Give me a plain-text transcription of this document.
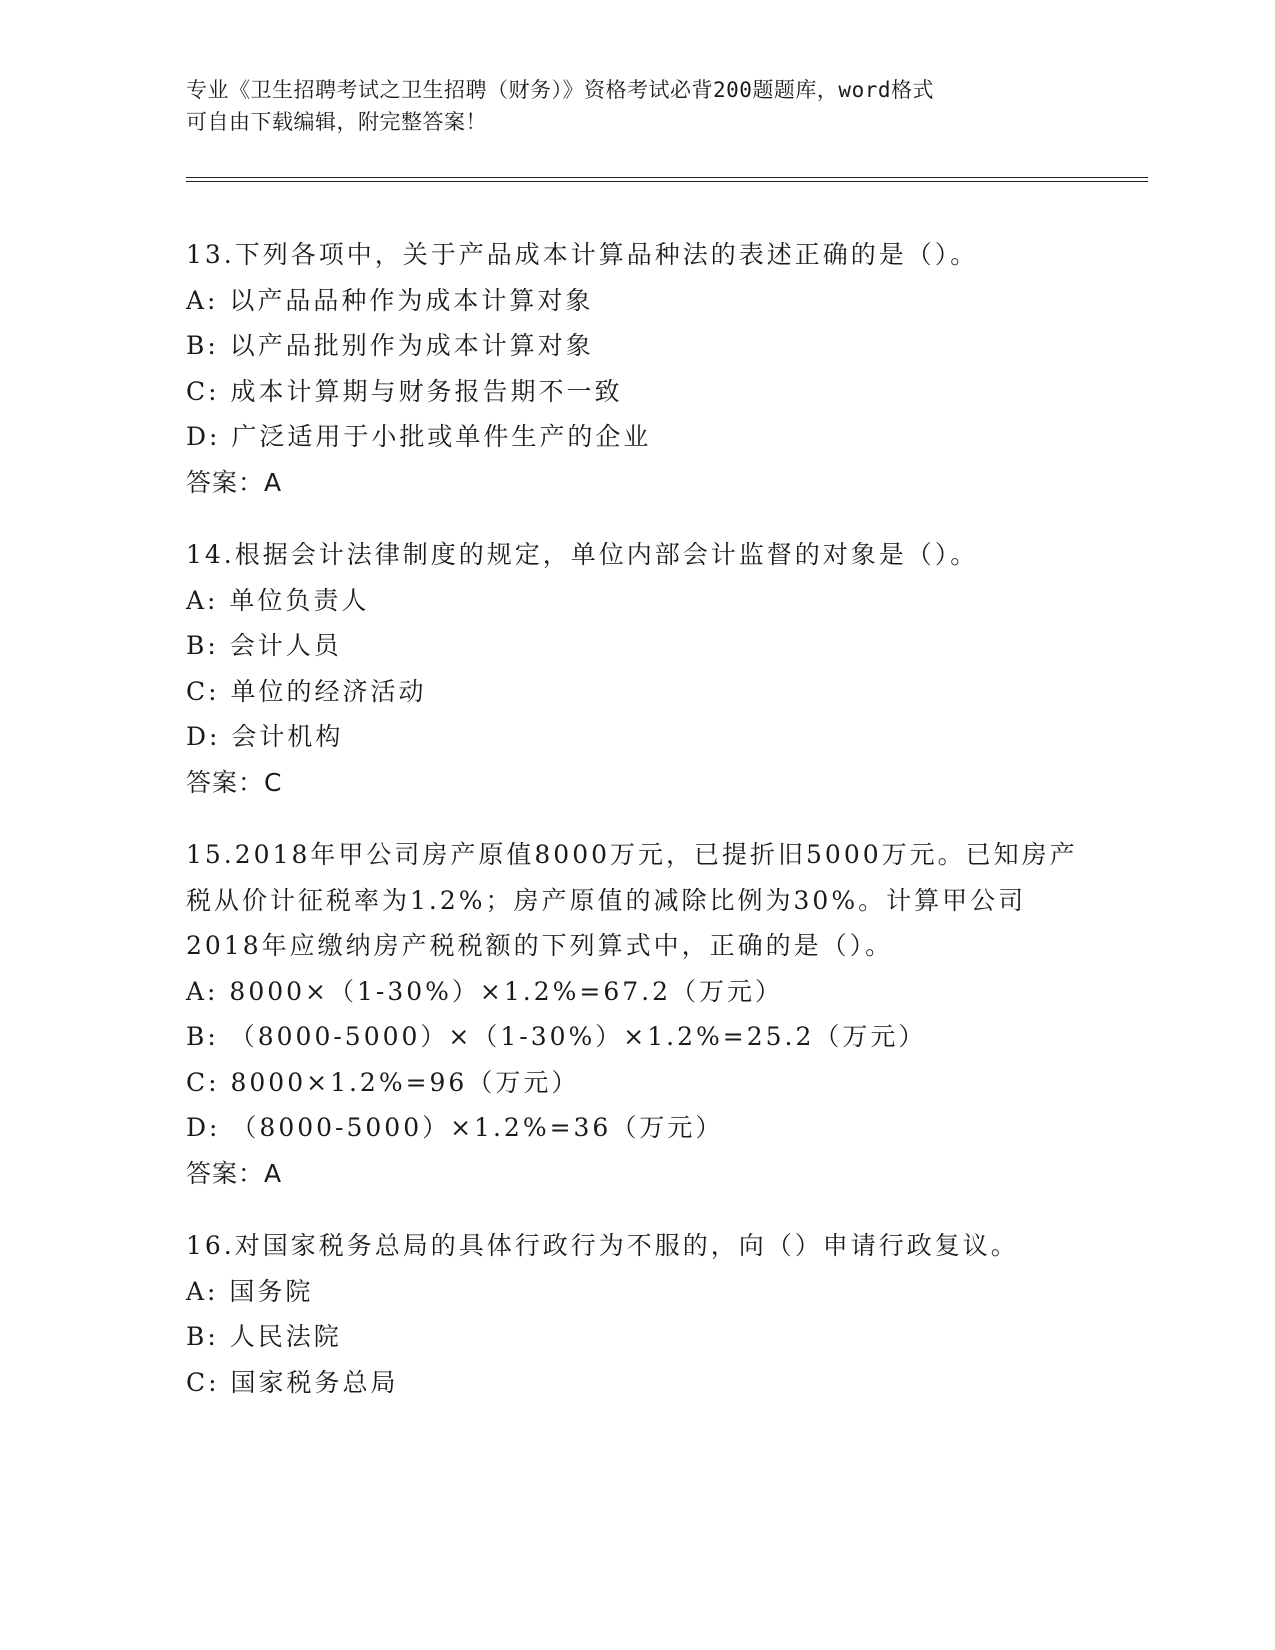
专业《卫生招聘考试之卫生招聘（财务）》资格考试必背200题题库，word格式
可自由下载编辑，附完整答案！
13.下列各项中，关于产品成本计算品种法的表述正确的是（）。
A: 以产品品种作为成本计算对象
B: 以产品批别作为成本计算对象
C: 成本计算期与财务报告期不一致
D: 广泛适用于小批或单件生产的企业
答案：A
14.根据会计法律制度的规定，单位内部会计监督的对象是（）。
A: 单位负责人
B: 会计人员
C: 单位的经济活动
D: 会计机构
答案：C
15.2018年甲公司房产原值8000万元，已提折旧5000万元。已知房产
税从价计征税率为1.2%；房产原值的减除比例为30%。计算甲公司
2018年应缴纳房产税税额的下列算式中，正确的是（）。
A: 8000×（1-30%）×1.2%=67.2（万元）
B: （8000-5000）×（1-30%）×1.2%=25.2（万元）
C: 8000×1.2%=96（万元）
D: （8000-5000）×1.2%=36（万元）
答案：A
16.对国家税务总局的具体行政行为不服的，向（）申请行政复议。
A: 国务院
B: 人民法院
C: 国家税务总局
